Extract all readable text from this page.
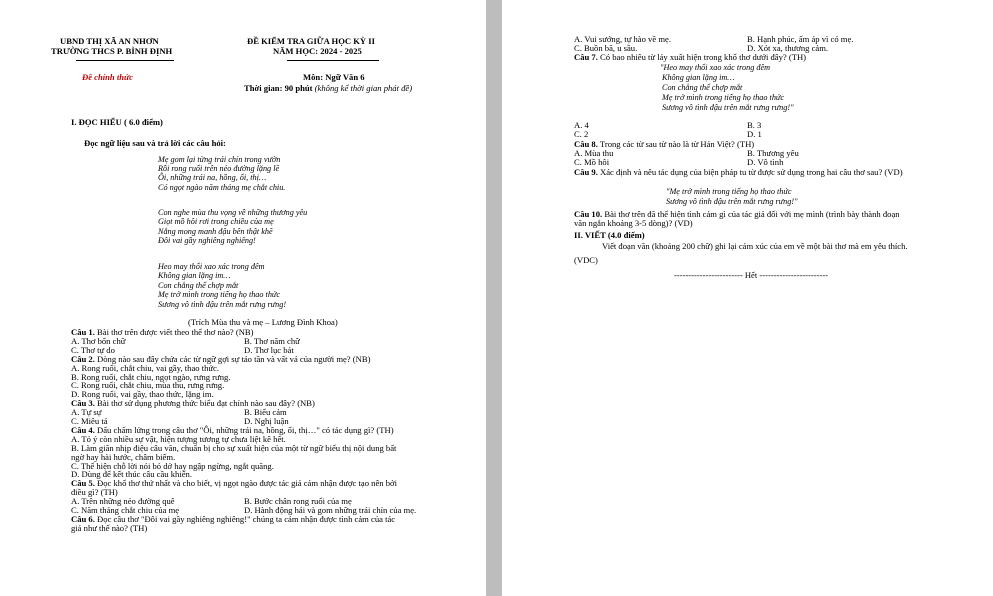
UBND THỊ XÃ AN NHƠN
TRƯỜNG THCS P. BÌNH ĐỊNH
ĐỀ KIỂM TRA GIỮA HỌC KỲ II
NĂM HỌC: 2024 - 2025
Đề chính thức	Môn: Ngữ Văn 6
Thời gian: 90 phút (không kể thời gian phát đề)
I. ĐỌC HIỂU ( 6.0 điểm)
Đọc ngữ liệu sau và trả lời các câu hỏi:
Mẹ gom lại từng trái chín trong vườn
Rồi rong ruổi trên nẻo đường lặng lẽ
Ôi, những trái na, hồng, ổi, thị…
Có ngọt ngào năm tháng mẹ chắt chiu.
Con nghe mùa thu vọng về những thương yêu
Giọt mồ hôi rơi trong chiều của mẹ
Nắng mong manh đậu bên thật khẽ
Đôi vai gầy nghiêng nghiêng!
Heo may thổi xao xác trong đêm
Không gian lặng im…
Con chẳng thể chợp mắt
Mẹ trở mình trong tiếng họ thao thức
Sương vô tình đậu trên mắt rưng rưng!
(Trích Mùa thu và mẹ – Lương Đình Khoa)
Câu 1. Bài thơ trên được viết theo thể thơ nào? (NB)
A. Thơ bốn chữ	B. Thơ năm chữ
C. Thơ tự do	D. Thơ lục bát
Câu 2. Dòng nào sau đây chứa các từ ngữ gợi sự tảo tần và vất vả của người mẹ? (NB)
A. Rong ruổi, chắt chiu, vai gầy, thao thức.
B. Rong ruổi, chắt chiu, ngọt ngào, rưng rưng.
C. Rong ruổi, chắt chiu, mùa thu, rưng rưng.
D. Rong ruổi, vai gầy, thao thức, lặng im.
Câu 3. Bài thơ sử dụng phương thức biểu đạt chính nào sau đây? (NB)
A. Tự sự	B. Biểu cảm
C. Miêu tả	D. Nghị luận
Câu 4. Dấu chấm lửng trong câu thơ "Ôi, những trái na, hồng, ổi, thị…" có tác dụng gì? (TH)
A. Tỏ ý còn nhiều sự vật, hiện tượng tương tự chưa liệt kê hết.
B. Làm giãn nhịp điệu câu văn, chuẩn bị cho sự xuất hiện của một từ ngữ biểu thị nội dung bất
ngờ hay hài hước, châm biếm.
C. Thể hiện chỗ lời nói bỏ dở hay ngập ngừng, ngắt quãng.
D. Dùng để kết thúc câu cầu khiến.
Câu 5. Đọc khổ thơ thứ nhất và cho biết, vị ngọt ngào được tác giả cảm nhận được tạo nên bởi
điều gì? (TH)
A. Trên những nẻo đường quê	B. Bước chân rong ruổi của mẹ
C. Năm tháng chắt chiu của mẹ	D. Hành động hái và gom những trái chín của mẹ.
Câu 6. Đọc câu thơ "Đôi vai gầy nghiêng nghiêng!" chúng ta cảm nhận được tình cảm của tác
giả như thế nào? (TH)
A. Vui sướng, tự hào về mẹ.	B. Hạnh phúc, ấm áp vì có mẹ.
C. Buồn bã, u sầu.	D. Xót xa, thương cảm.
Câu 7. Có bao nhiêu từ láy xuất hiện trong khổ thơ dưới đây? (TH)
"Heo may thổi xao xác trong đêm
Không gian lặng im…
Con chẳng thể chợp mắt
Mẹ trở mình trong tiếng họ thao thức
Sương vô tình đậu trên mắt rưng rưng!"
A. 4	B. 3
C. 2	D. 1
Câu 8. Trong các từ sau từ nào là từ Hán Việt? (TH)
A. Mùa thu	B. Thương yêu
C. Mồ hôi	D. Vô tình
Câu 9. Xác định và nêu tác dụng của biện pháp tu từ được sử dụng trong hai câu thơ sau? (VD)
"Mẹ trở mình trong tiếng họ thao thức
Sương vô tình đậu trên mắt rưng rưng!"
Câu 10. Bài thơ trên đã thể hiện tình cảm gì của tác giả đối với mẹ mình (trình bày thành đoạn
văn ngắn khoảng 3-5 dòng)? (VD)
II. VIẾT (4.0 điểm)
Viết đoạn văn (khoảng 200 chữ) ghi lại cảm xúc của em về một bài thơ mà em yêu thích.
(VDC)
------------------------ Hết ------------------------
